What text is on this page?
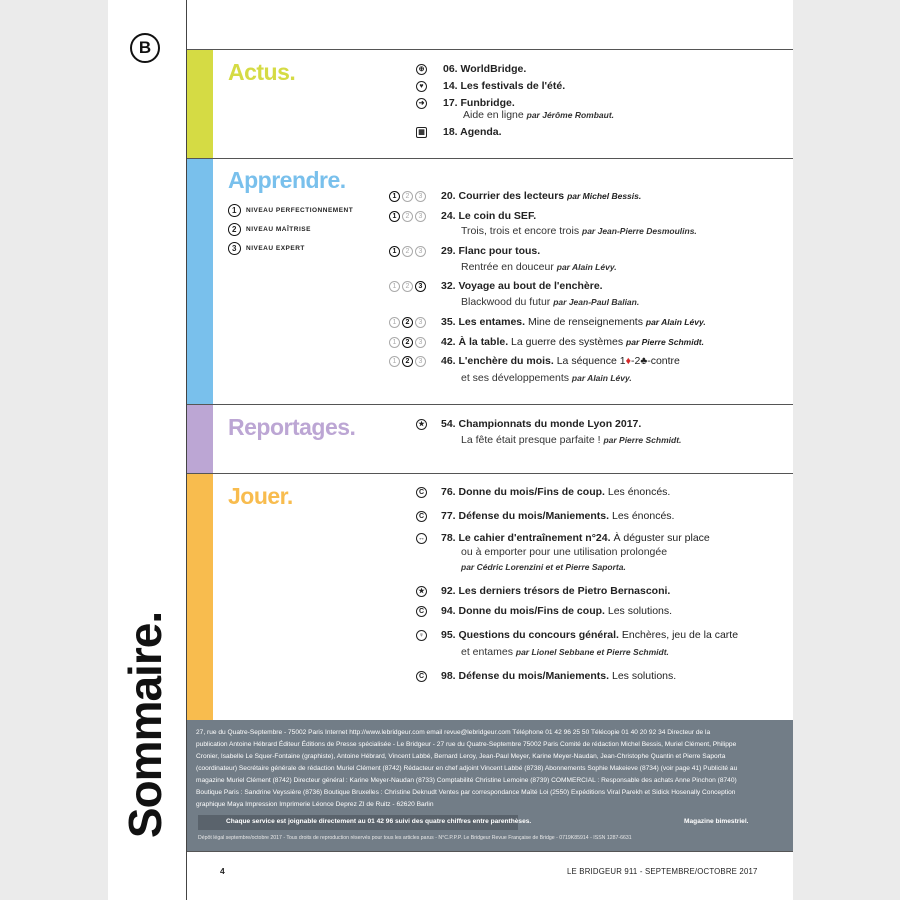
B
Sommaire.
Actus.	⊕ 06. WorldBridge.
♥	14. Les festivals de l'été.
➜ 17. Funbridge.
Aide en ligne par Jérôme Rombaut.
▦ 18. Agenda.
Apprendre.
1	NIVEAU PERFECTIONNEMENT
2	NIVEAU MAÎTRISE
3	NIVEAU EXPERT
1	2	3	20. Courrier des lecteurs par Michel Bessis.
1	2	3	24. Le coin du SEF.
Trois, trois et encore trois par Jean-Pierre Desmoulins.
1	2	3	29. Flanc pour tous.
Rentrée en douceur par Alain Lévy.
1	2	3	32. Voyage au bout de l'enchère.
Blackwood du futur par Jean-Paul Balian.
1	2	3	35. Les entames. Mine de renseignements par Alain Lévy.
1	2	3	42. À la table. La guerre des systèmes par Pierre Schmidt.
1	2	3	46. L'enchère du mois. La séquence 1♦-2♣-contre
et ses développements par Alain Lévy.
Reportages.	★ 54. Championnats du monde Lyon 2017.
La fête était presque parfaite ! par Pierre Schmidt.
Jouer.	C 76. Donne du mois/Fins de coup. Les énoncés.
C 77. Défense du mois/Maniements. Les énoncés.
↔ 78. Le cahier d'entraînement n°24. À déguster sur place
ou à emporter pour une utilisation prolongée
par Cédric Lorenzini et et Pierre Saporta.
★ 92. Les derniers trésors de Pietro Bernasconi.
C 94. Donne du mois/Fins de coup. Les solutions.
♀ 95. Questions du concours général. Enchères, jeu de la carte
et entames par Lionel Sebbane et Pierre Schmidt.
C 98. Défense du mois/Maniements. Les solutions.
27, rue du Quatre-Septembre - 75002 Paris Internet http://www.lebridgeur.com email revue@lebridgeur.com Téléphone 01 42 96 25 50 Télécopie 01 40 20 92 34 Directeur de la
publication Antoine Hébrard Éditeur Éditions de Presse spécialisée - Le Bridgeur - 27 rue du Quatre-Septembre 75002 Paris Comité de rédaction Michel Bessis, Muriel Clément, Philippe
Cronier, Isabelle Le Squer-Fontaine (graphiste), Antoine Hébrard, Vincent Labbé, Bernard Leroy, Jean-Paul Meyer, Karine Meyer-Naudan, Jean-Christophe Quantin et Pierre Saporta
(coordinateur) Secrétaire générale de rédaction Muriel Clément (8742) Rédacteur en chef adjoint Vincent Labbé (8738) Abonnements Sophie Makeieve (8734) (voir page 41) Publicité au
magazine Muriel Clément (8742) Directeur général : Karine Meyer-Naudan (8733) Comptabilité Christine Lemoine (8739) COMMERCIAL : Responsable des achats Anne Pinchon (8740)
Boutique Paris : Sandrine Veyssière (8736) Boutique Bruxelles : Christine Deknudt Ventes par correspondance Maïté Loi (2550) Expéditions Viral Parekh et Sidick Hosenally Conception
graphique Maya Impression Imprimerie Léonce Deprez ZI de Ruitz - 62620 Barlin
Chaque service est joignable directement au 01 42 96 suivi des quatre chiffres entre parenthèses.	Magazine bimestriel.
Dépôt légal septembre/octobre 2017 - Tous droits de reproduction réservés pour tous les articles parus - N°C.P.P.P. Le Bridgeur Revue Française de Bridge - 0719K85914 - ISSN 1287-6631
4	LE BRIDGEUR 911 - SEPTEMBRE/OCTOBRE 2017
